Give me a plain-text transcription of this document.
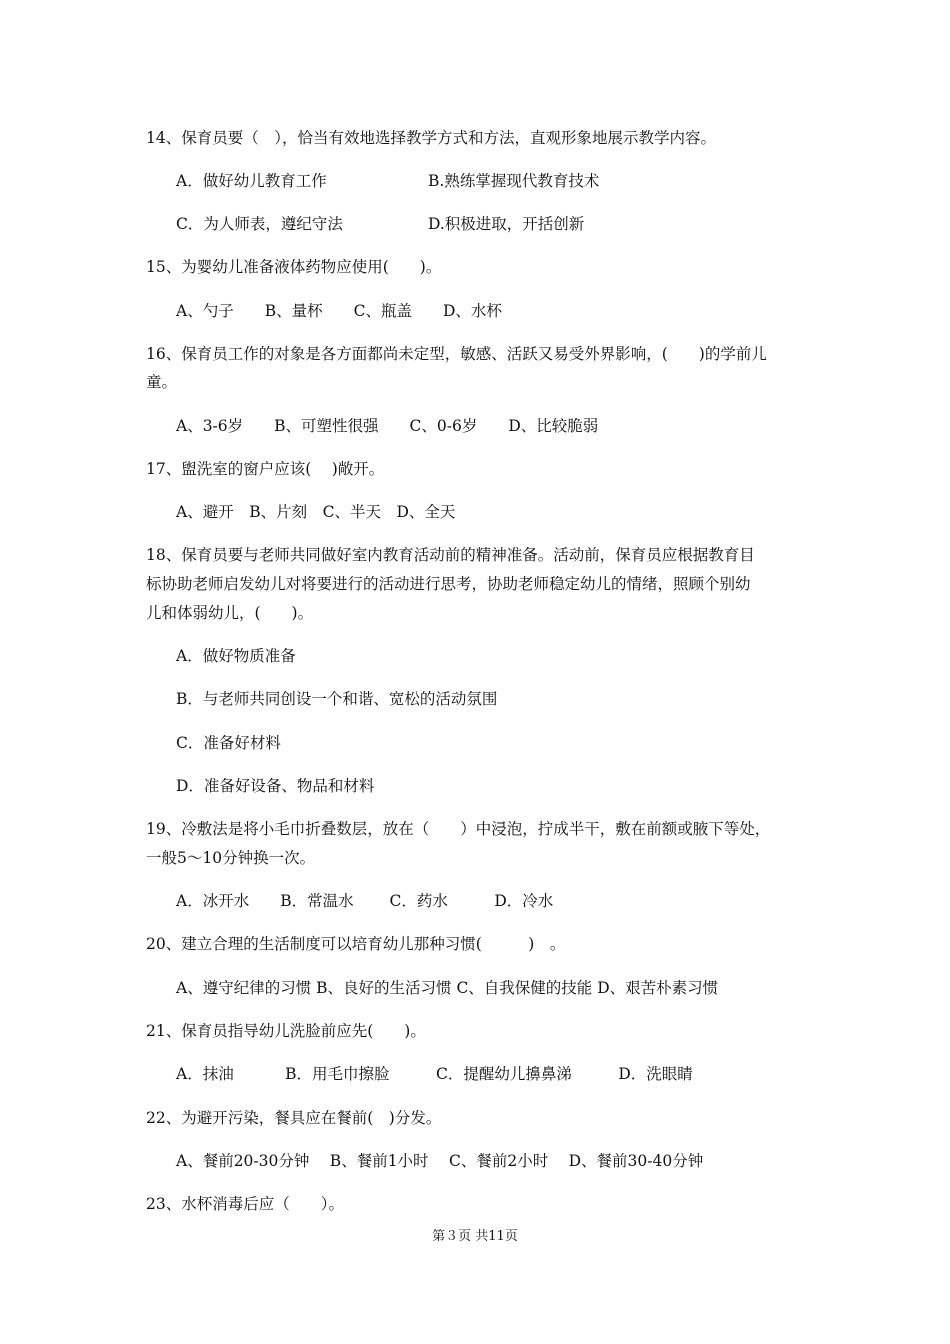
14、保育员要（　），恰当有效地选择教学方式和方法，直观形象地展示教学内容。
A．做好幼儿教育工作	B.熟练掌握现代教育技术
C．为人师表，遵纪守法	D.积极进取，开括创新
15、为婴幼儿准备液体药物应使用(　　)。
A、勺子　　B、量杯　　C、瓶盖　　D、水杯
16、保育员工作的对象是各方面都尚未定型，敏感、活跃又易受外界影响，(　　)的学前儿
童。
A、3-6岁　　B、可塑性很强　　C、0-6岁　　D、比较脆弱
17、盥洗室的窗户应该(　 )敞开。
A、避开　B、片刻　C、半天　D、全天
18、保育员要与老师共同做好室内教育活动前的精神准备。活动前，保育员应根据教育目
标协助老师启发幼儿对将要进行的活动进行思考，协助老师稳定幼儿的情绪，照顾个别幼
儿和体弱幼儿，(　　)。
A．做好物质准备
B．与老师共同创设一个和谐、宽松的活动氛围
C．准备好材料
D．准备好设备、物品和材料
19、冷敷法是将小毛巾折叠数层，放在（　　）中浸泡，拧成半干，敷在前额或腋下等处，
一般5～10分钟换一次。
A．冰开水　　B．常温水　　 C．药水　　　D．冷水
20、建立合理的生活制度可以培育幼儿那种习惯(　　　)　。
A、遵守纪律的习惯 B、良好的生活习惯 C、自我保健的技能 D、艰苦朴素习惯
21、保育员指导幼儿洗脸前应先(　　)。
A．抹油　　　 B．用毛巾擦脸　　　C．提醒幼儿擤鼻涕　　　D．洗眼睛
22、为避开污染，餐具应在餐前(　)分发。
A、餐前20-30分钟　 B、餐前1小时　 C、餐前2小时　 D、餐前30-40分钟
23、水杯消毒后应（　　）。
第３页 共11页
